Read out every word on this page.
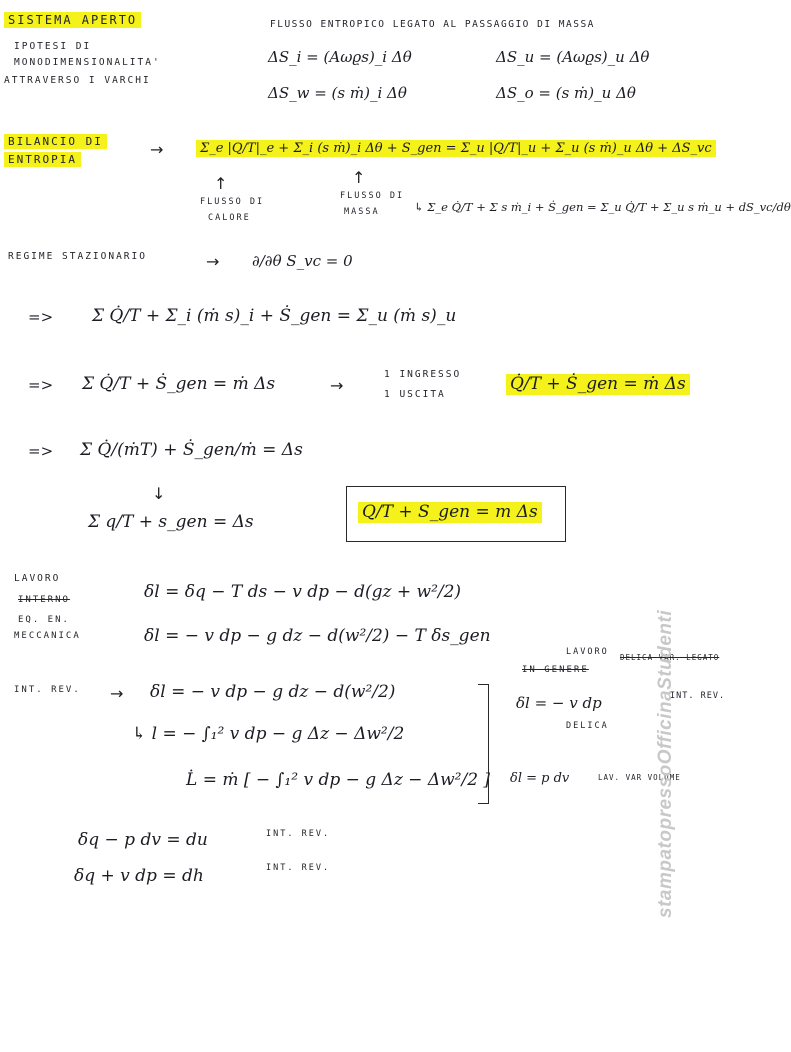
SISTEMA APERTO
IPOTESI DI
MONODIMENSIONALITA'
ATTRAVERSO I VARCHI
FLUSSO ENTROPICO LEGATO AL PASSAGGIO DI MASSA
ΔS_i = (Aωϱs)_i Δθ	ΔS_u = (Aωϱs)_u Δθ
ΔS_w = (s ṁ)_i Δθ	ΔS_o = (s ṁ)_u Δθ
BILANCIO DI
ENTROPIA
→	Σ_e |Q/T|_e + Σ_i (s ṁ)_i Δθ + S_gen = Σ_u |Q/T|_u + Σ_u (s ṁ)_u Δθ + ΔS_vc
↑	↑
FLUSSO DI
CALORE
FLUSSO DI
MASSA	↳ Σ_e Q̇/T + Σ s ṁ_i + Ṡ_gen = Σ_u Q̇/T + Σ_u s ṁ_u + dS_vc/dθ
REGIME STAZIONARIO	→ ∂/∂θ S_vc = 0
=> Σ Q̇/T + Σ_i (ṁ s)_i + Ṡ_gen = Σ_u (ṁ s)_u
=> Σ Q̇/T + Ṡ_gen = ṁ Δs	→
1 INGRESSO
1 USCITA
Q̇/T + Ṡ_gen = ṁ Δs
=> Σ Q̇/(ṁT) + Ṡ_gen/ṁ = Δs
↓
Σ q/T + s_gen = Δs	Q/T + S_gen = m Δs
LAVORO
INTERNO
EQ. EN.
MECCANICA
δl = δq − T ds − v dp − d(gz + w²/2)
δl = − v dp − g dz − d(w²/2) − T δs_gen
INT. REV. → δl = − v dp − g dz − d(w²/2)
↳ l = − ∫₁² v dp − g Δz − Δw²/2
L̇ = ṁ [ − ∫₁² v dp − g Δz − Δw²/2 ]
LAVORO
IN GENERE
DELICA VAR. LEGATO
δl = − v dp	INT. REV.
DELICA
δl = p dv	LAV. VAR VOLUME
δq − p dv = du	INT. REV.
δq + v dp = dh	INT. REV.	stampatopressoOfficinaStudenti
